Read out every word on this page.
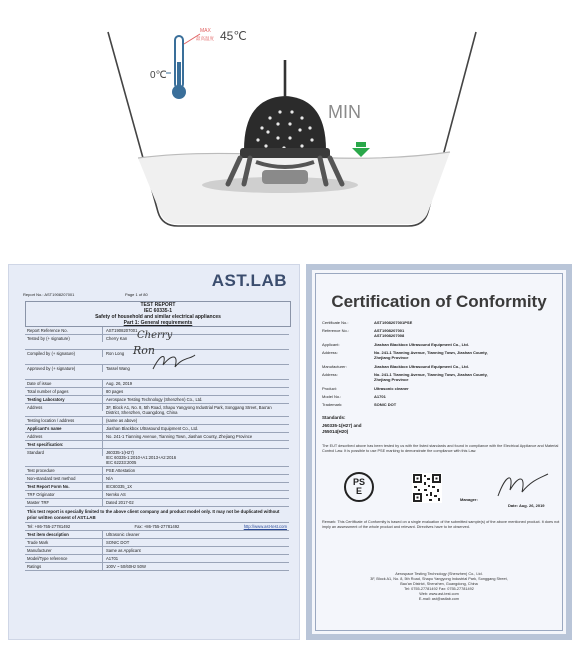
MAX
最高温度 45℃
0℃
MIN
Report No.: AST1908207001	Page 1 of 80
AST.LAB
TEST REPORT
IEC 60335-1
Safety of household and similar electrical appliances
Part 1: General requirements
Report Reference No.	AST1908207001
Tested by (+ signature)	Cherry Kan
Compiled by (+ signature)	Ron Long
Approved by (+ signature)	Tassel Wang
Date of issue	Aug. 26, 2019
Total number of pages	80 pages
Testing Laboratory	Aerospace Testing Technology (Shenzhen) Co., Ltd.
Address	3F, Block A1, No. 8, 5th Road, Shapu Yangyong Industrial Park, Songgang Street, Bao'an District, Shenzhen, Guangdong, China
Testing location / address	(same as above)
Applicant's name	Jiashan Blackbox Ultrasound Equipment Co., Ltd.
Address	No. 241-1 Tianning Avenue, Tianning Town, Jiashan County, Zhejiang Province
Test specification:
Standard	J60335-1(H27)
IEC 60335-1:2010+A1:2013+A2:2016
IEC 62233:2005
Test procedure	PSE Attestation
Non-standard test method	N/A
Test Report Form No.	IEC60335_1X
TRF Originator	Nemko AS
Master TRF	Dated 2017-02
This test report is specially limited to the above client company and product model only. It may not be duplicated without prior written consent of AST.LAB
Tel: +86-755-27781492	Fax: +86-755-27781492	http://www.ast-test.com
Test item description	Ultrasonic cleaner
Trade Mark	SONIC DOT
Manufacturer	Same as Applicant
Model/Type reference	A1701
Ratings	100V ~ 50/60Hz 50W
Cherry
Ron
Certification of Conformity
Certificate No.:	AST1908207001PSE
Reference No.:	AST1908207001
AST1908207008
Applicant:	Jiashan Blackbox Ultrasound Equipment Co., Ltd.
Address:	No. 241-1 Tianning Avenue, Tianning Town, Jiashan County,
Zhejiang Province
Manufacturer:	Jiashan Blackbox Ultrasound Equipment Co., Ltd.
Address:	No. 241-1 Tianning Avenue, Tianning Town, Jiashan County,
Zhejiang Province
Product:	Ultrasonic cleaner
Model No.:	A1701
Trademark:	SONIC DOT
Standards:
J60335-1(H27) and
J55014(H20)
The EUT described above has been tested by us with the listed standards and found in compliance with the Electrical Appliance and Material Control Law. It is possible to use PSE marking to demonstrate the compliance with this Law.
PS
E
Manager:
Date: Aug. 26, 2019
Remark: This Certificate of Conformity is based on a single evaluation of the submitted sample(s) of the above mentioned product. It does not imply an assessment of the whole product and relevant. Directives have to be observed.
Aerospace Testing Technology (Shenzhen) Co., Ltd.
3F, Block A1, No. 8, 5th Road, Shapu Yangyong Industrial Park, Songgang Street,
Bao'an District, Shenzhen, Guangdong, China
Tel: 0755-27781492 Fax: 0755-27781492
Web: www.ast-test.com
E-mail: ast@astlab.com
